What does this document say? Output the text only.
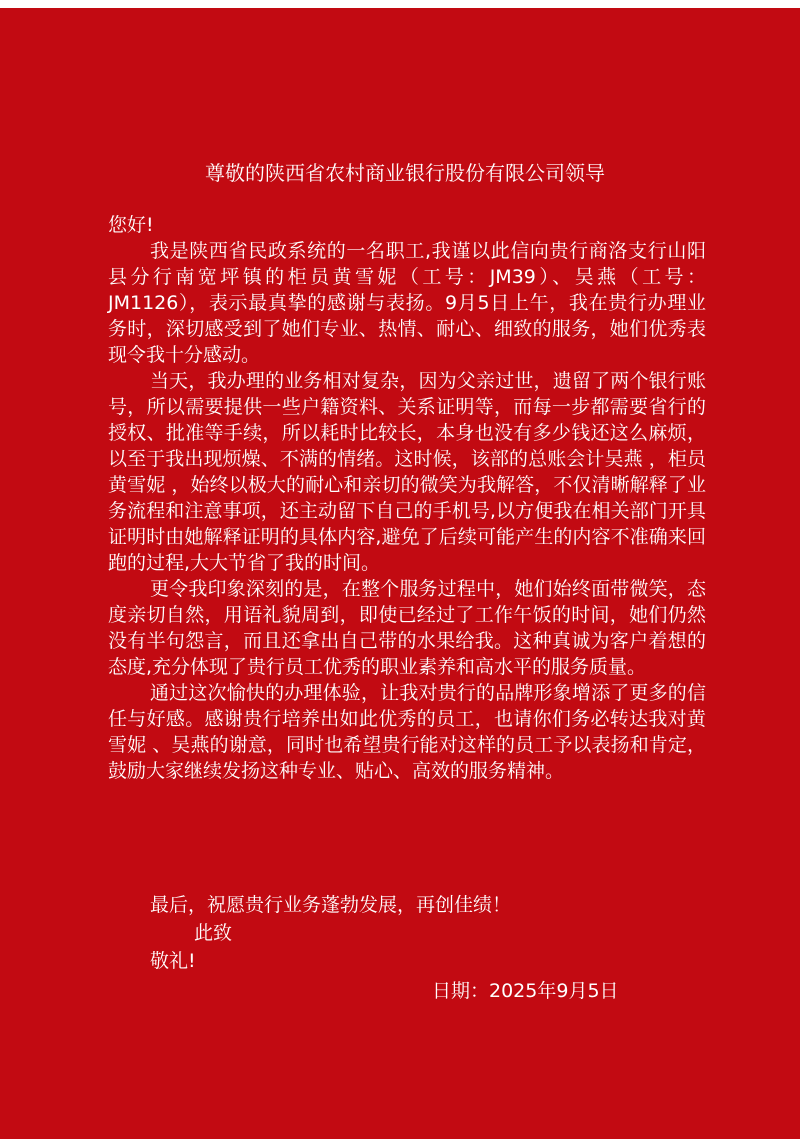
尊敬的陕西省农村商业银行股份有限公司领导
您好!

我是陕西省民政系统的一名职工,我谨以此信向贵行商洛支行山阳县分行南宽坪镇的柜员黄雪妮（工号：JM39）、吴燕（工号：JM1126），表示最真挚的感谢与表扬。9月5日上午，我在贵行办理业务时，深切感受到了她们专业、热情、耐心、细致的服务，她们优秀表现令我十分感动。

当天，我办理的业务相对复杂，因为父亲过世，遗留了两个银行账号，所以需要提供一些户籍资料、关系证明等，而每一步都需要省行的授权、批准等手续，所以耗时比较长，本身也没有多少钱还这么麻烦，以至于我出现烦燥、不满的情绪。这时候，该部的总账会计吴燕 ，柜员黄雪妮 ，始终以极大的耐心和亲切的微笑为我解答，不仅清晰解释了业务流程和注意事项，还主动留下自己的手机号,以方便我在相关部门开具证明时由她解释证明的具体内容,避免了后续可能产生的内容不准确来回跑的过程,大大节省了我的时间。

更令我印象深刻的是，在整个服务过程中，她们始终面带微笑，态度亲切自然，用语礼貌周到，即使已经过了工作午饭的时间，她们仍然没有半句怨言，而且还拿出自己带的水果给我。这种真诚为客户着想的态度,充分体现了贵行员工优秀的职业素养和高水平的服务质量。

通过这次愉快的办理体验，让我对贵行的品牌形象增添了更多的信任与好感。感谢贵行培养出如此优秀的员工，也请你们务必转达我对黄雪妮 、吴燕的谢意，同时也希望贵行能对这样的员工予以表扬和肯定，鼓励大家继续发扬这种专业、贴心、高效的服务精神。

最后，祝愿贵行业务蓬勃发展，再创佳绩！
此致
敬礼!
日期：2025年9月5日
